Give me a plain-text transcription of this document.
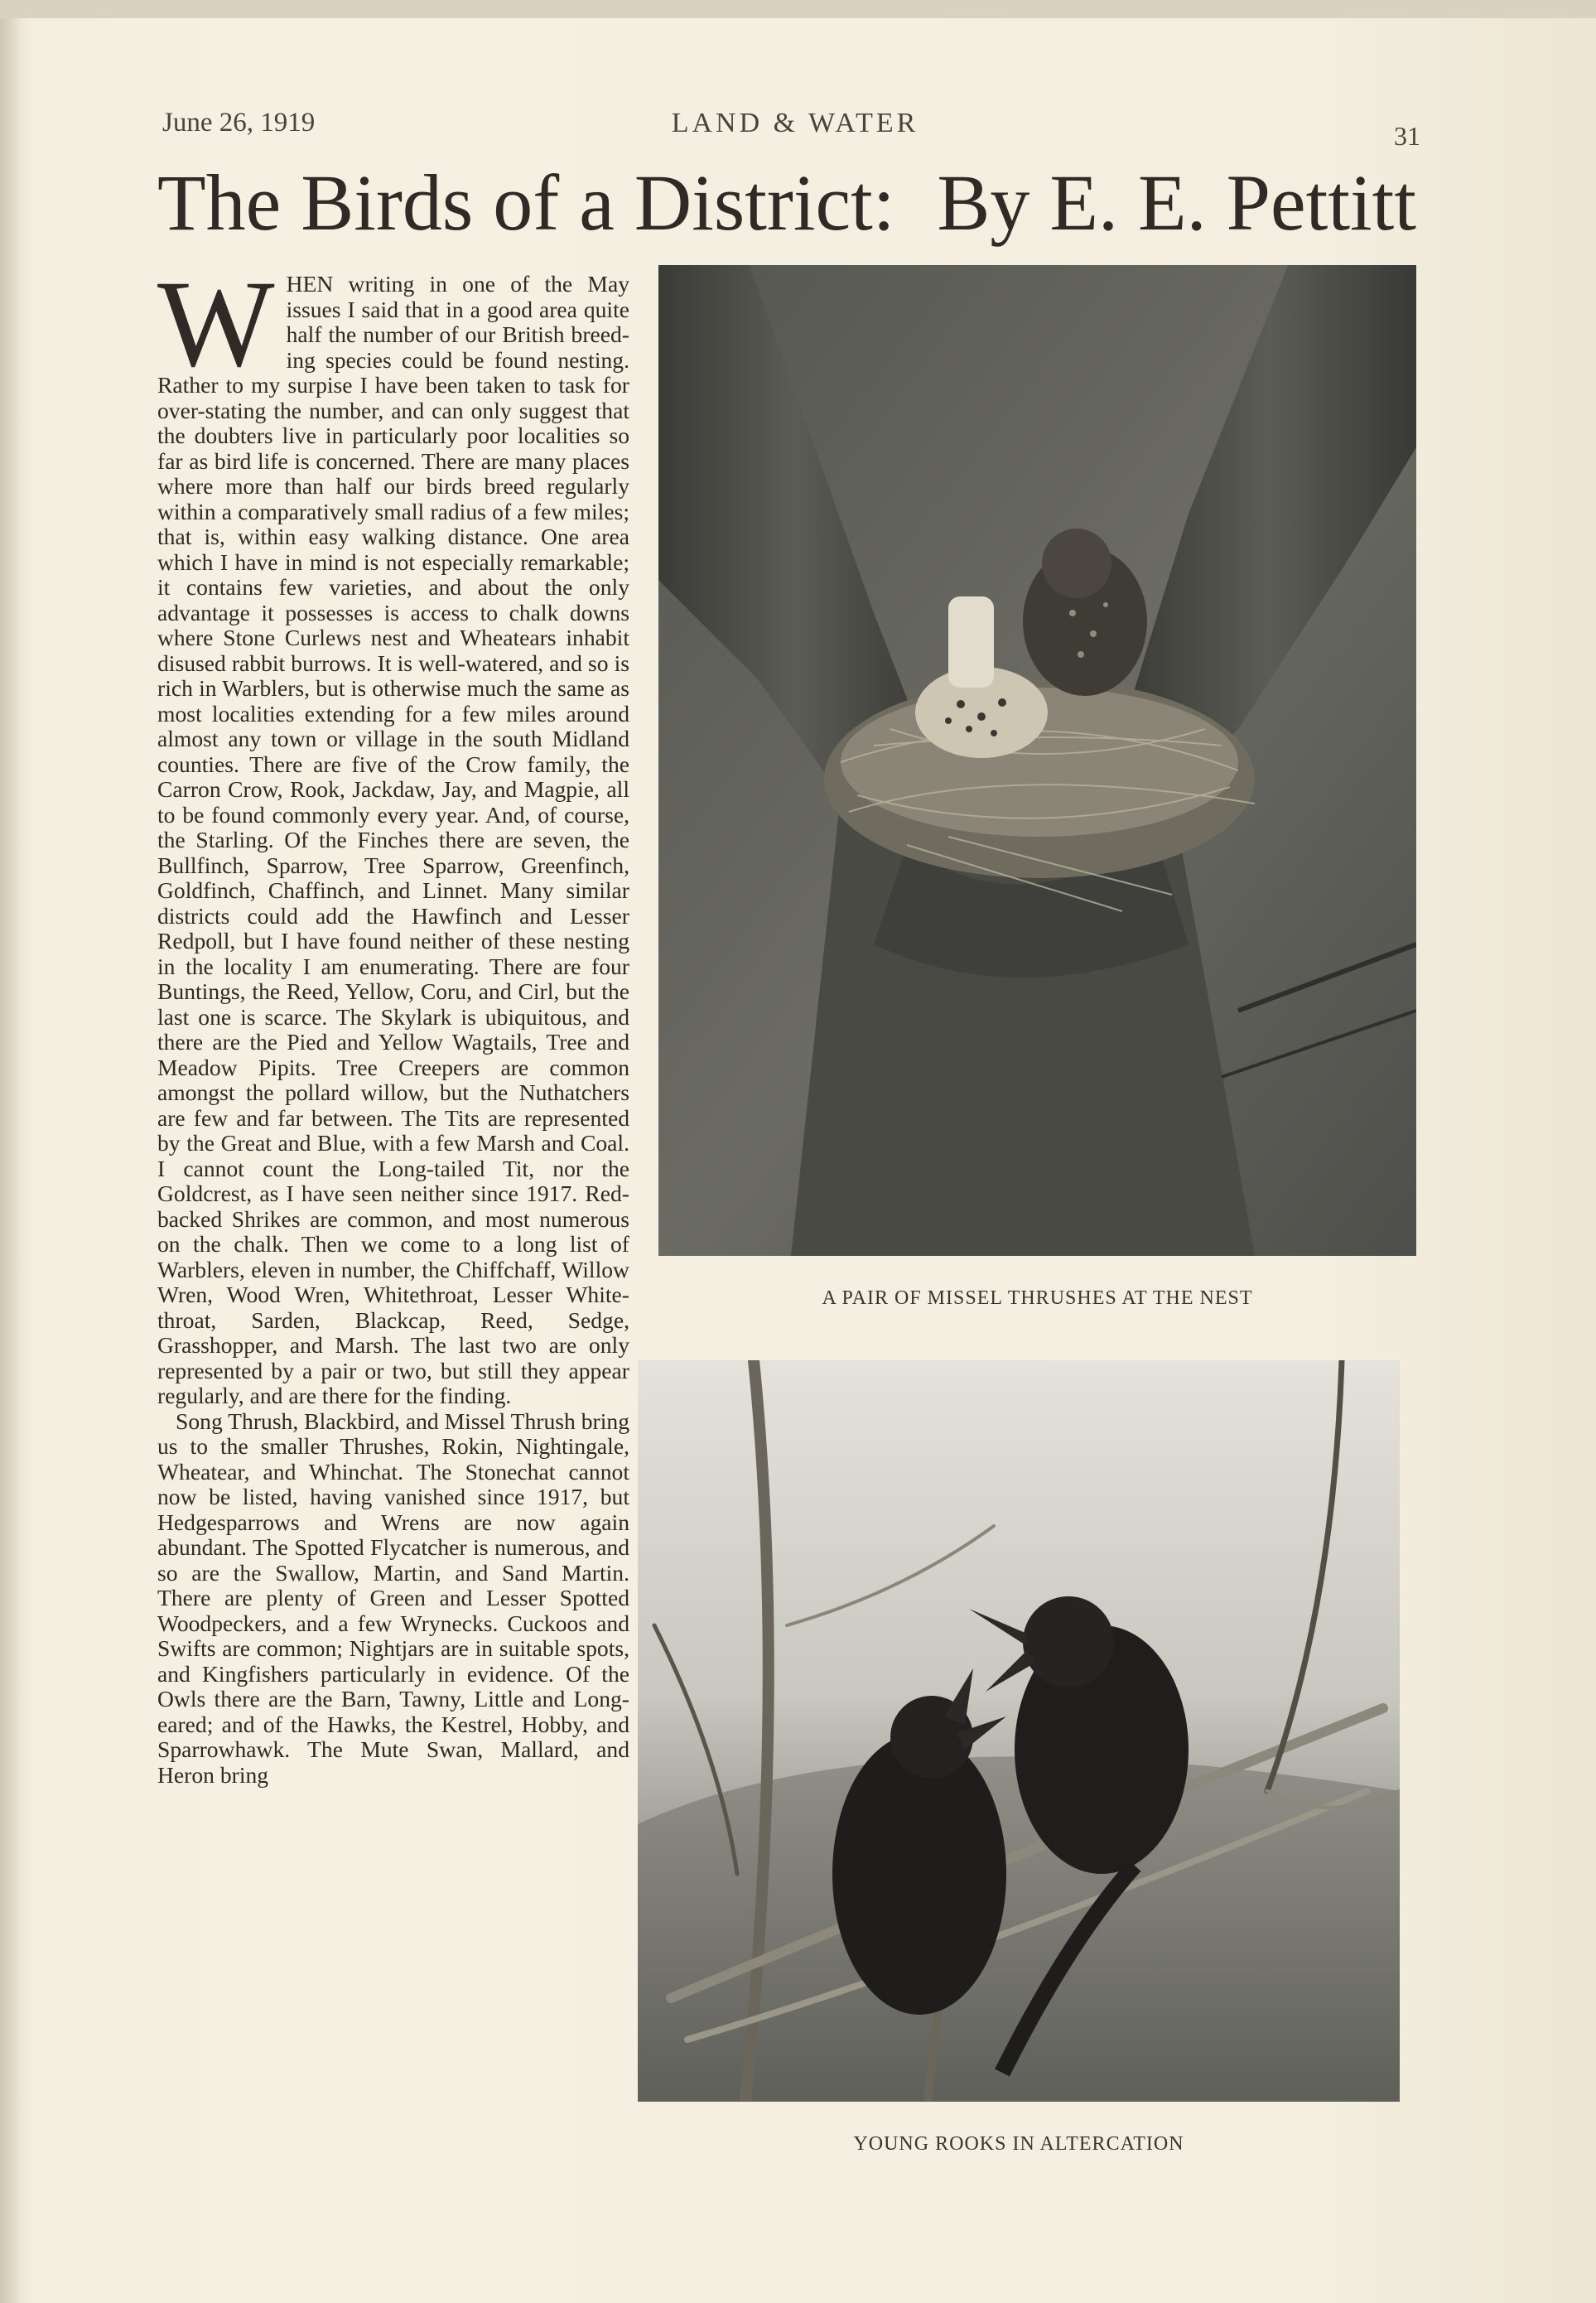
June 26, 1919	LAND & WATER	31
The Birds of a District: By E. E. Pettitt

WHEN writing in one of the May issues I said that in a good area quite half the number of our British breeding species could be found nesting. Rather to my surpise I have been taken to task for over-stating the number, and can only suggest that the doubters live in particularly poor localities so far as bird life is concerned. There are many places where more than half our birds breed regularly within a comparatively small radius of a few miles; that is, within easy walking distance. One area which I have in mind is not especially remarkable; it contains few varieties, and about the only advantage it possesses is access to chalk downs where Stone Curlews nest and Wheatears inhabit disused rabbit burrows. It is well-watered, and so is rich in Warblers, but is otherwise much the same as most localities extending for a few miles around almost any town or village in the south Midland counties. There are five of the Crow family, the Carron Crow, Rook, Jackdaw, Jay, and Magpie, all to be found commonly every year. And, of course, the Starling. Of the Finches there are seven, the Bullfinch, Sparrow, Tree Sparrow, Greenfinch, Goldfinch, Chaffinch, and Linnet. Many similar districts could add the Hawfinch and Lesser Redpoll, but I have found neither of these nesting in the locality I am enumerating. There are four Buntings, the Reed, Yellow, Coru, and Cirl, but the last one is scarce. The Skylark is ubiquitous, and there are the Pied and Yellow Wagtails, Tree and Meadow Pipits. Tree Creepers are common amongst the pollard willow, but the Nuthatchers are few and far between. The Tits are represented by the Great and Blue, with a few Marsh and Coal. I cannot count the Long-tailed Tit, nor the Goldcrest, as I have seen neither since 1917. Red-backed Shrikes are common, and most numerous on the chalk. Then we come to a long list of Warblers, eleven in number, the Chiffchaff, Willow Wren, Wood Wren, Whitethroat, Lesser Whitethroat, Sarden, Blackcap, Reed, Sedge, Grasshopper, and Marsh. The last two are only represented by a pair or two, but still they appear regularly, and are there for the finding.

Song Thrush, Blackbird, and Missel Thrush bring us to the smaller Thrushes, Rokin, Nightingale, Wheatear, and Whinchat. The Stonechat cannot now be listed, having vanished since 1917, but Hedgesparrows and Wrens are now again abundant. The Spotted Flycatcher is numerous, and so are the Swallow, Martin, and Sand Martin. There are plenty of Green and Lesser Spotted Woodpeckers, and a few Wrynecks. Cuckoos and Swifts are common; Nightjars are in suitable spots, and Kingfishers particularly in evidence. Of the Owls there are the Barn, Tawny, Little and Long-eared; and of the Hawks, the Kestrel, Hobby, and Sparrowhawk. The Mute Swan, Mallard, and Heron bring

A PAIR OF MISSEL THRUSHES AT THE NEST
YOUNG ROOKS IN ALTERCATION
